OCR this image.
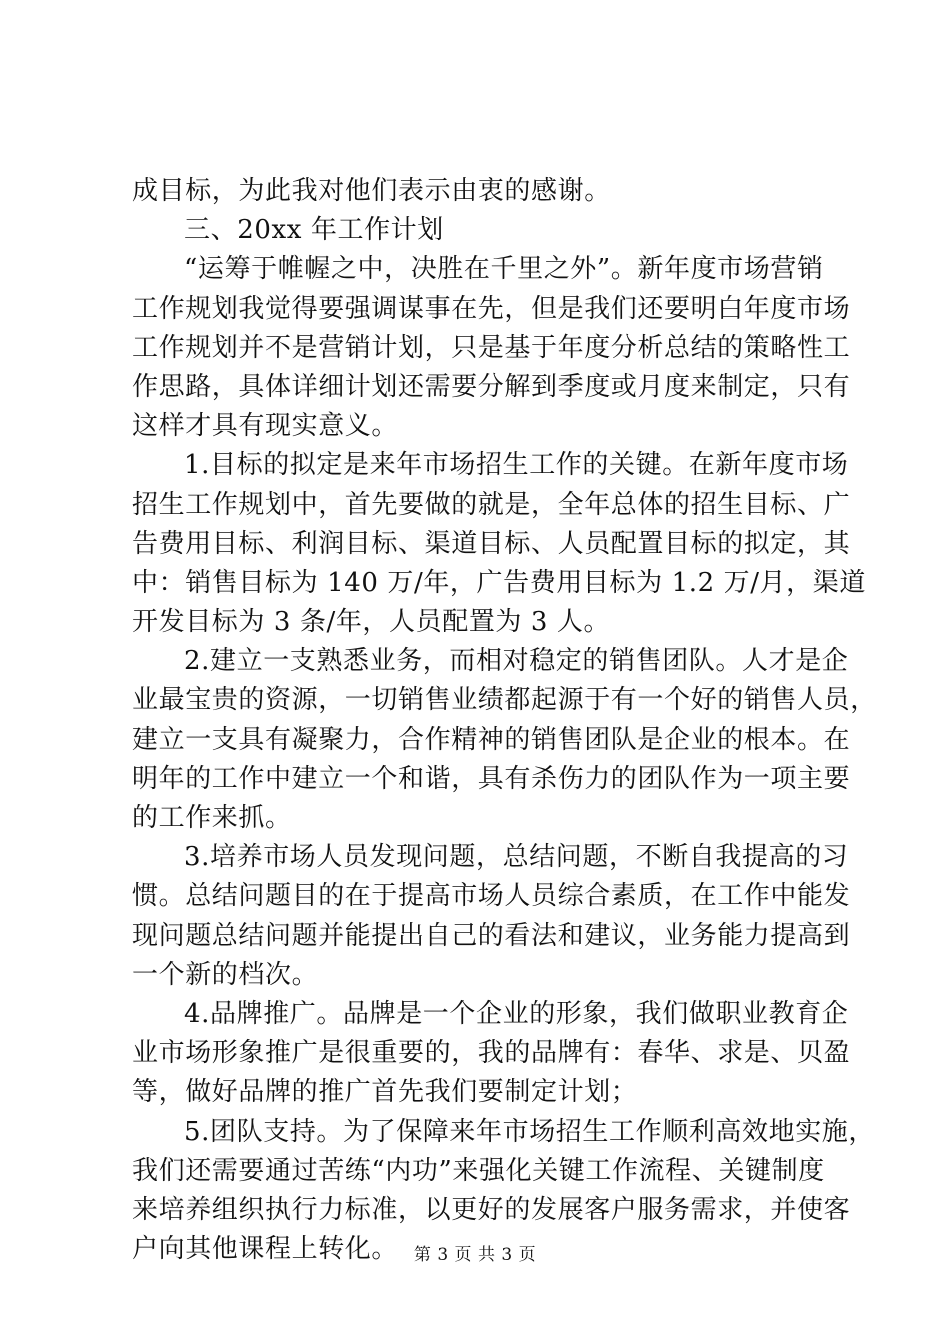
成目标，为此我对他们表示由衷的感谢。
三、20xx 年工作计划
“运筹于帷幄之中，决胜在千里之外”。新年度市场营销
工作规划我觉得要强调谋事在先，但是我们还要明白年度市场
工作规划并不是营销计划，只是基于年度分析总结的策略性工
作思路，具体详细计划还需要分解到季度或月度来制定，只有
这样才具有现实意义。
1.目标的拟定是来年市场招生工作的关键。在新年度市场
招生工作规划中，首先要做的就是，全年总体的招生目标、广
告费用目标、利润目标、渠道目标、人员配置目标的拟定，其
中：销售目标为 140 万/年，广告费用目标为 1.2 万/月，渠道
开发目标为 3 条/年，人员配置为 3 人。
2.建立一支熟悉业务，而相对稳定的销售团队。人才是企
业最宝贵的资源，一切销售业绩都起源于有一个好的销售人员，
建立一支具有凝聚力，合作精神的销售团队是企业的根本。在
明年的工作中建立一个和谐，具有杀伤力的团队作为一项主要
的工作来抓。
3.培养市场人员发现问题，总结问题，不断自我提高的习
惯。总结问题目的在于提高市场人员综合素质，在工作中能发
现问题总结问题并能提出自己的看法和建议，业务能力提高到
一个新的档次。
4.品牌推广。品牌是一个企业的形象，我们做职业教育企
业市场形象推广是很重要的，我的品牌有：春华、求是、贝盈
等，做好品牌的推广首先我们要制定计划；
5.团队支持。为了保障来年市场招生工作顺利高效地实施，
我们还需要通过苦练“内功”来强化关键工作流程、关键制度
来培养组织执行力标准，以更好的发展客户服务需求，并使客
户向其他课程上转化。 第 3 页 共 3 页
